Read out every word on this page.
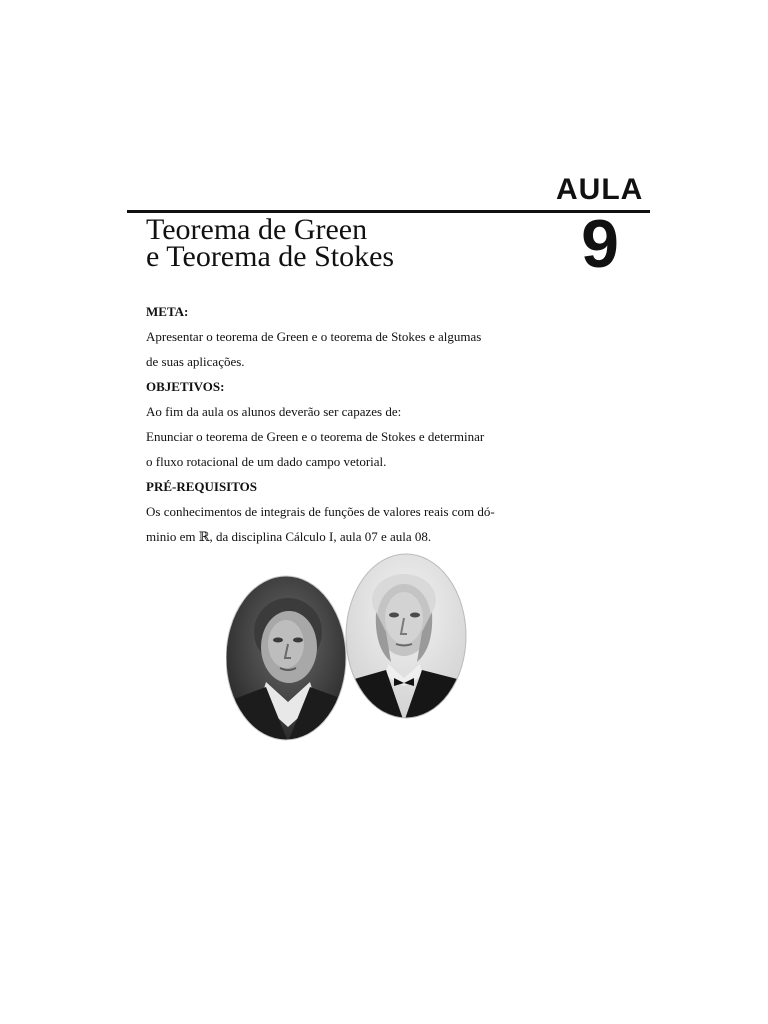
AULA
9
Teorema de Green
e Teorema de Stokes
META:
Apresentar o teorema de Green e o teorema de Stokes e algumas
de suas aplicações.
OBJETIVOS:
Ao fim da aula os alunos deverão ser capazes de:
Enunciar o teorema de Green e o teorema de Stokes e determinar
o fluxo rotacional de um dado campo vetorial.
PRÉ-REQUISITOS
Os conhecimentos de integrais de funções de valores reais com dó-
minio em ℝ, da disciplina Cálculo I, aula 07 e aula 08.
